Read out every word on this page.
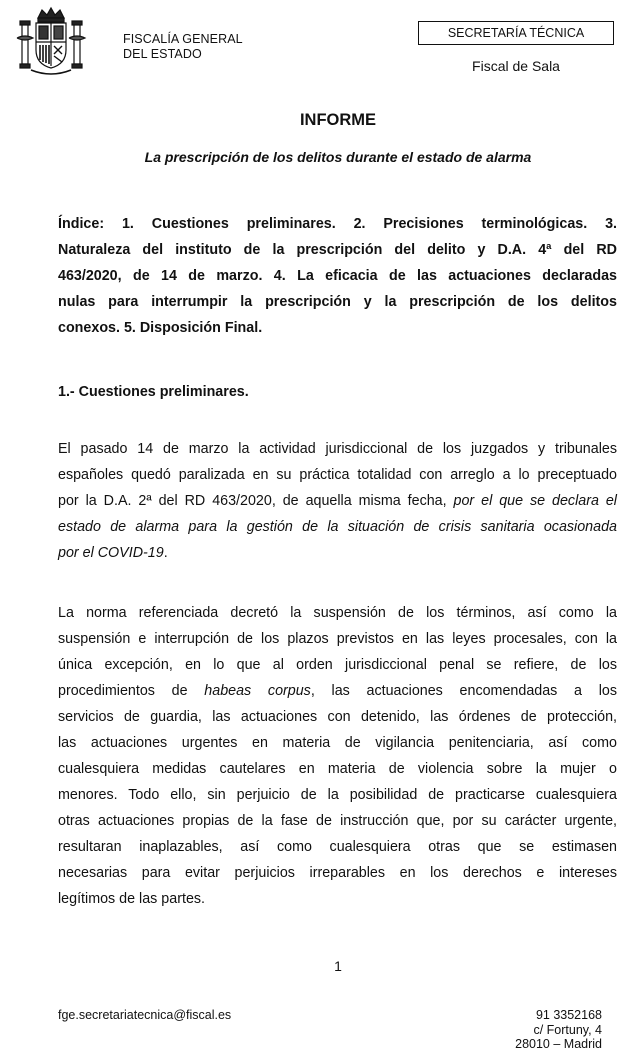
FISCALÍA GENERAL
DEL ESTADO
SECRETARÍA TÉCNICA
Fiscal de Sala
INFORME
La prescripción de los delitos durante el estado de alarma
Índice: 1. Cuestiones preliminares. 2. Precisiones terminológicas. 3.
Naturaleza del instituto de la prescripción del delito y D.A. 4ª del RD
463/2020, de 14 de marzo. 4. La eficacia de las actuaciones declaradas
nulas para interrumpir la prescripción y la prescripción de los delitos
conexos. 5. Disposición Final.
1.- Cuestiones preliminares.
El pasado 14 de marzo la actividad jurisdiccional de los juzgados y tribunales
españoles quedó paralizada en su práctica totalidad con arreglo a lo preceptuado
por la D.A. 2ª del RD 463/2020, de aquella misma fecha, por el que se declara el
estado de alarma para la gestión de la situación de crisis sanitaria ocasionada
por el COVID-19.
La norma referenciada decretó la suspensión de los términos, así como la
suspensión e interrupción de los plazos previstos en las leyes procesales, con la
única excepción, en lo que al orden jurisdiccional penal se refiere, de los
procedimientos de habeas corpus, las actuaciones encomendadas a los
servicios de guardia, las actuaciones con detenido, las órdenes de protección,
las actuaciones urgentes en materia de vigilancia penitenciaria, así como
cualesquiera medidas cautelares en materia de violencia sobre la mujer o
menores. Todo ello, sin perjuicio de la posibilidad de practicarse cualesquiera
otras actuaciones propias de la fase de instrucción que, por su carácter urgente,
resultaran inaplazables, así como cualesquiera otras que se estimasen
necesarias para evitar perjuicios irreparables en los derechos e intereses
legítimos de las partes.
1
fge.secretariatecnica@fiscal.es	91 3352168
c/ Fortuny, 4
28010 – Madrid
